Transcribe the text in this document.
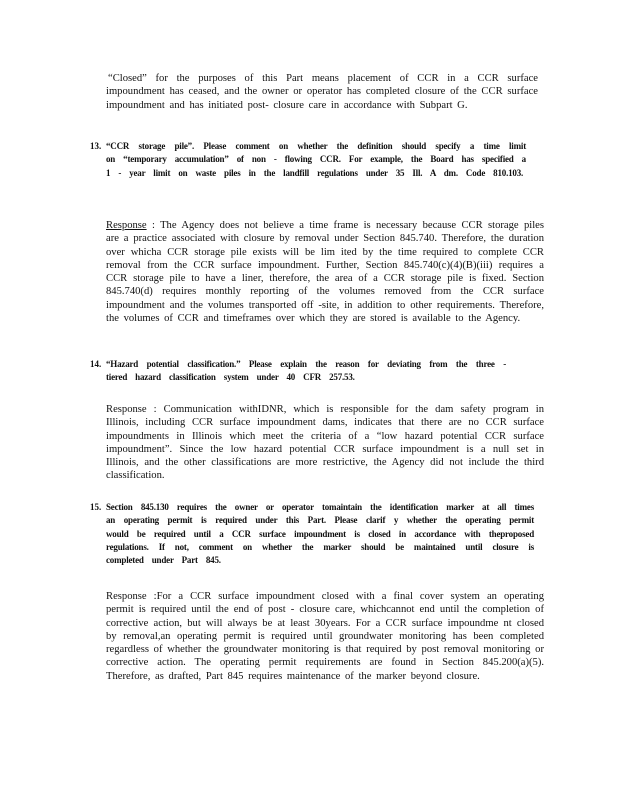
“Closed” for the purposes of this Part means placement of CCR in a CCR surface impoundment has ceased, and the owner or operator has completed closure of the CCR surface impoundment and has initiated post- closure care in accordance with Subpart G.
13. “CCR storage pile”. Please comment on whether the definition should specify a time limit on “temporary accumulation” of non - flowing CCR. For example, the Board has specified a 1 - year limit on waste piles in the landfill regulations under 35 Ill. A dm. Code 810.103.
Response : The Agency does not believe a time frame is necessary because CCR storage piles are a practice associated with closure by removal under Section 845.740. Therefore, the duration over whicha CCR storage pile exists will be lim ited by the time required to complete CCR removal from the CCR surface impoundment. Further, Section 845.740(c)(4)(B)(iii) requires a CCR storage pile to have a liner, therefore, the area of a CCR storage pile is fixed. Section 845.740(d) requires monthly reporting of the volumes removed from the CCR surface impoundment and the volumes transported off -site, in addition to other requirements. Therefore, the volumes of CCR and timeframes over which they are stored is available to the Agency.
14. “Hazard potential classification.” Please explain the reason for deviating from the three - tiered hazard classification system under 40 CFR 257.53.
Response : Communication withIDNR, which is responsible for the dam safety program in Illinois, including CCR surface impoundment dams, indicates that there are no CCR surface impoundments in Illinois which meet the criteria of a “low hazard potential CCR surface impoundment”. Since the low hazard potential CCR surface impoundment is a null set in Illinois, and the other classifications are more restrictive, the Agency did not include the third classification.
15. Section 845.130 requires the owner or operator tomaintain the identification marker at all times an operating permit is required under this Part. Please clarif y whether the operating permit would be required until a CCR surface impoundment is closed in accordance with theproposed regulations. If not, comment on whether the marker should be maintained until closure is completed under Part 845.
Response :For a CCR surface impoundment closed with a final cover system an operating permit is required until the end of post - closure care, whichcannot end until the completion of corrective action, but will always be at least 30years. For a CCR surface impoundme nt closed by removal,an operating permit is required until groundwater monitoring has been completed regardless of whether the groundwater monitoring is that required by post removal monitoring or corrective action. The operating permit requirements are found in Section 845.200(a)(5). Therefore, as drafted, Part 845 requires maintenance of the marker beyond closure.
